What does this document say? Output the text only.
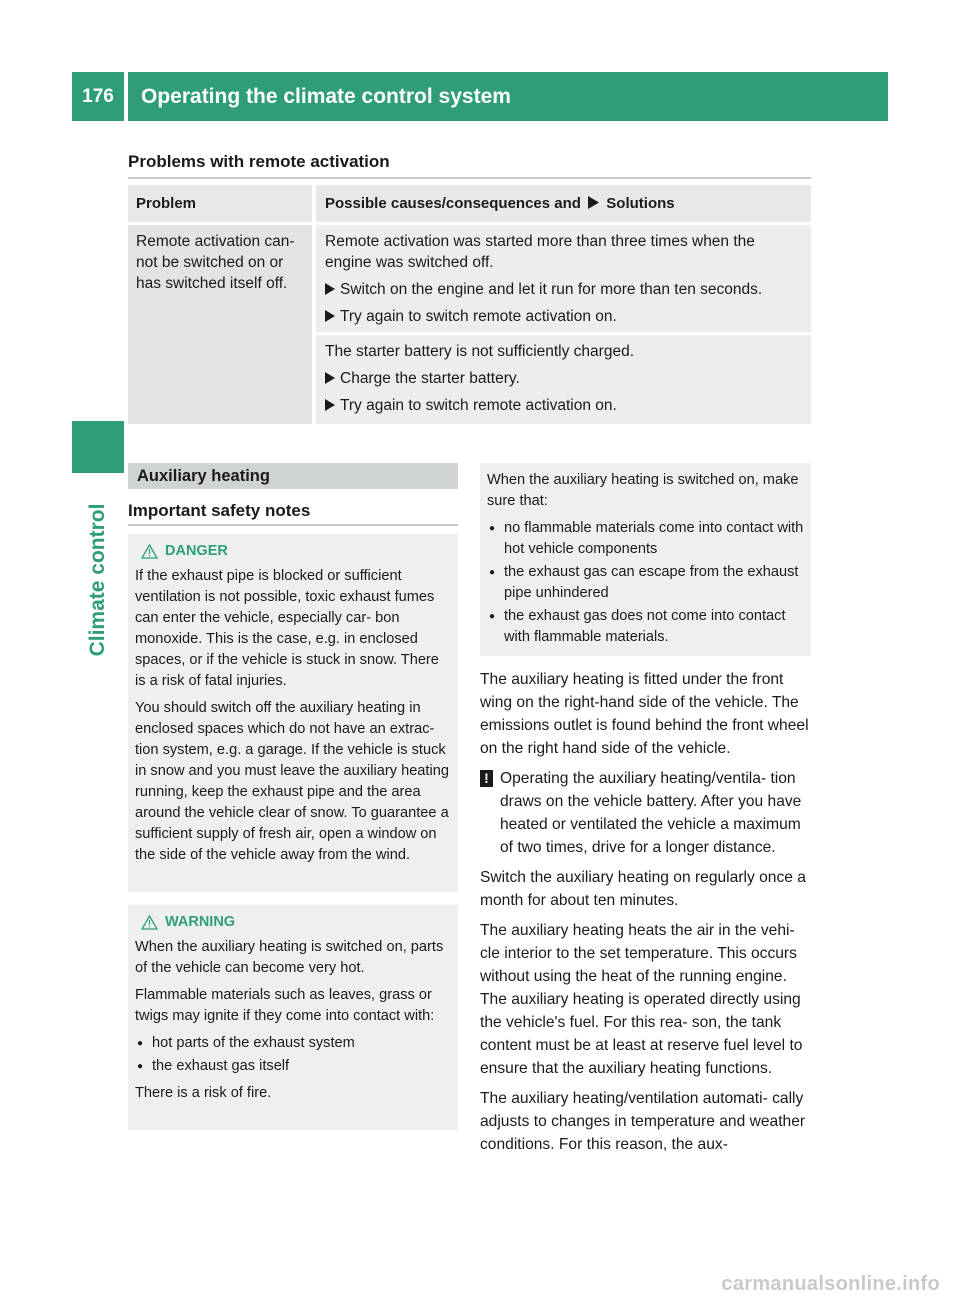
176	Operating the climate control system
Climate control
Problems with remote activation
Problem	Possible causes/consequences and Solutions
Remote activation can-
not be switched on or
has switched itself off.
Remote activation was started more than three times when the engine was switched off.
Switch on the engine and let it run for more than ten seconds.
Try again to switch remote activation on.
The starter battery is not sufficiently charged.
Charge the starter battery.
Try again to switch remote activation on.
Auxiliary heating
Important safety notes
DANGER

If the exhaust pipe is blocked or sufficient ventilation is not possible, toxic exhaust fumes can enter the vehicle, especially car- bon monoxide. This is the case, e.g. in enclosed spaces, or if the vehicle is stuck in snow. There is a risk of fatal injuries.

You should switch off the auxiliary heating in enclosed spaces which do not have an extrac- tion system, e.g. a garage. If the vehicle is stuck in snow and you must leave the auxiliary heating running, keep the exhaust pipe and the area around the vehicle clear of snow. To guarantee a sufficient supply of fresh air, open a window on the side of the vehicle away from the wind.

WARNING

When the auxiliary heating is switched on, parts of the vehicle can become very hot.

Flammable materials such as leaves, grass or twigs may ignite if they come into contact with:

● hot parts of the exhaust system
● the exhaust gas itself

There is a risk of fire.

When the auxiliary heating is switched on, make sure that:

● no flammable materials come into contact with hot vehicle components
● the exhaust gas can escape from the exhaust pipe unhindered
● the exhaust gas does not come into contact with flammable materials.

The auxiliary heating is fitted under the front wing on the right-hand side of the vehicle. The emissions outlet is found behind the front wheel on the right hand side of the vehicle.

! Operating the auxiliary heating/ventila- tion draws on the vehicle battery. After you have heated or ventilated the vehicle a maximum of two times, drive for a longer distance.

Switch the auxiliary heating on regularly once a month for about ten minutes.

The auxiliary heating heats the air in the vehi- cle interior to the set temperature. This occurs without using the heat of the running engine. The auxiliary heating is operated directly using the vehicle's fuel. For this rea- son, the tank content must be at least at reserve fuel level to ensure that the auxiliary heating functions.

The auxiliary heating/ventilation automati- cally adjusts to changes in temperature and weather conditions. For this reason, the aux-

carmanualsonline.info
